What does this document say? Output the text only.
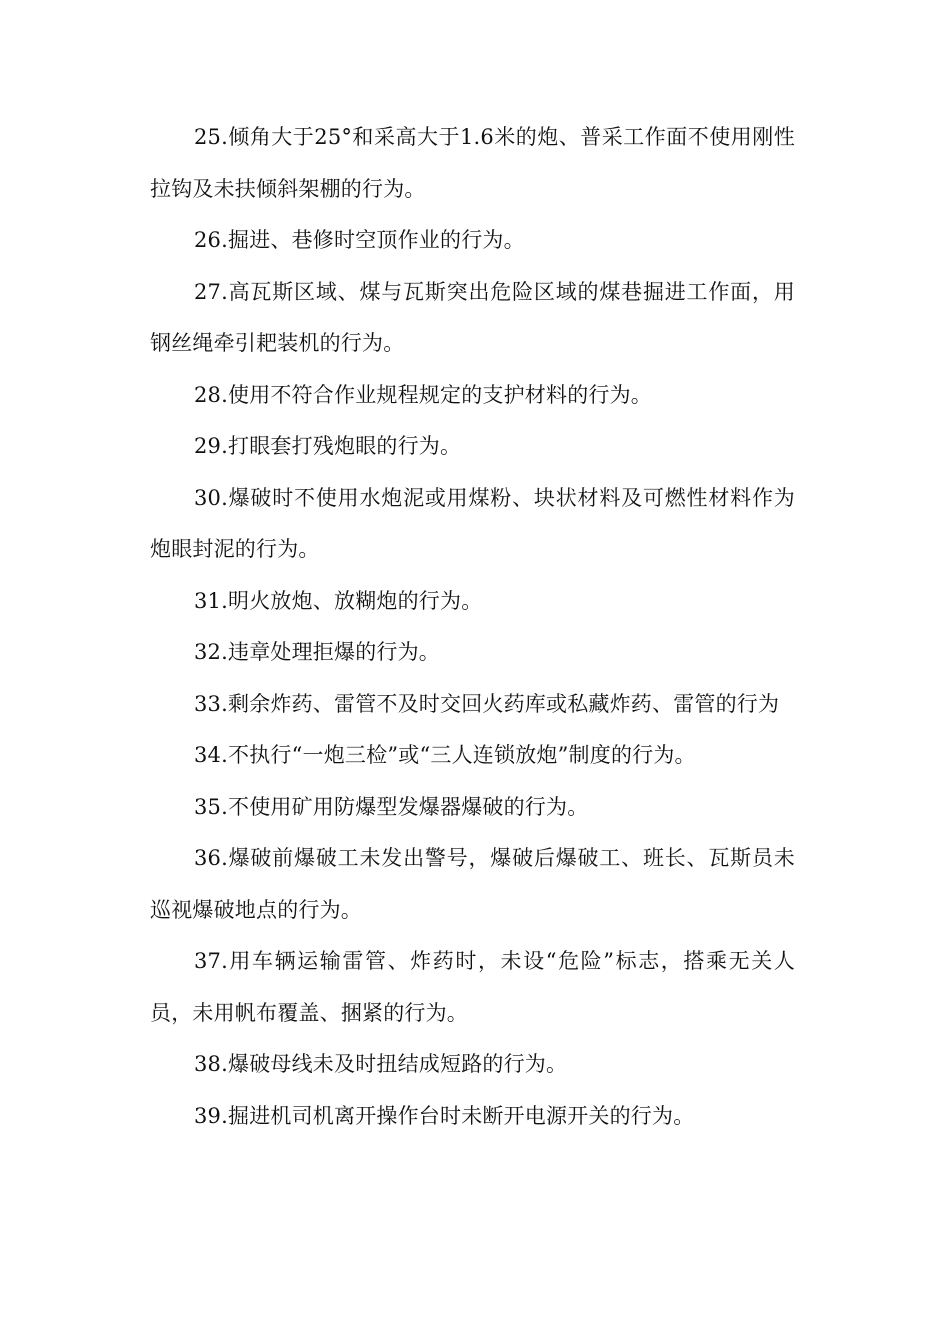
25.倾角大于25°和采高大于1.6米的炮、普采工作面不使用刚性拉钩及未扶倾斜架棚的行为。

26.掘进、巷修时空顶作业的行为。

27.高瓦斯区域、煤与瓦斯突出危险区域的煤巷掘进工作面，用钢丝绳牵引耙装机的行为。

28.使用不符合作业规程规定的支护材料的行为。

29.打眼套打残炮眼的行为。

30.爆破时不使用水炮泥或用煤粉、块状材料及可燃性材料作为炮眼封泥的行为。

31.明火放炮、放糊炮的行为。

32.违章处理拒爆的行为。

33.剩余炸药、雷管不及时交回火药库或私藏炸药、雷管的行为

34.不执行“一炮三检”或“三人连锁放炮”制度的行为。

35.不使用矿用防爆型发爆器爆破的行为。

36.爆破前爆破工未发出警号，爆破后爆破工、班长、瓦斯员未巡视爆破地点的行为。

37.用车辆运输雷管、炸药时，未设“危险”标志，搭乘无关人员，未用帆布覆盖、捆紧的行为。

38.爆破母线未及时扭结成短路的行为。

39.掘进机司机离开操作台时未断开电源开关的行为。
